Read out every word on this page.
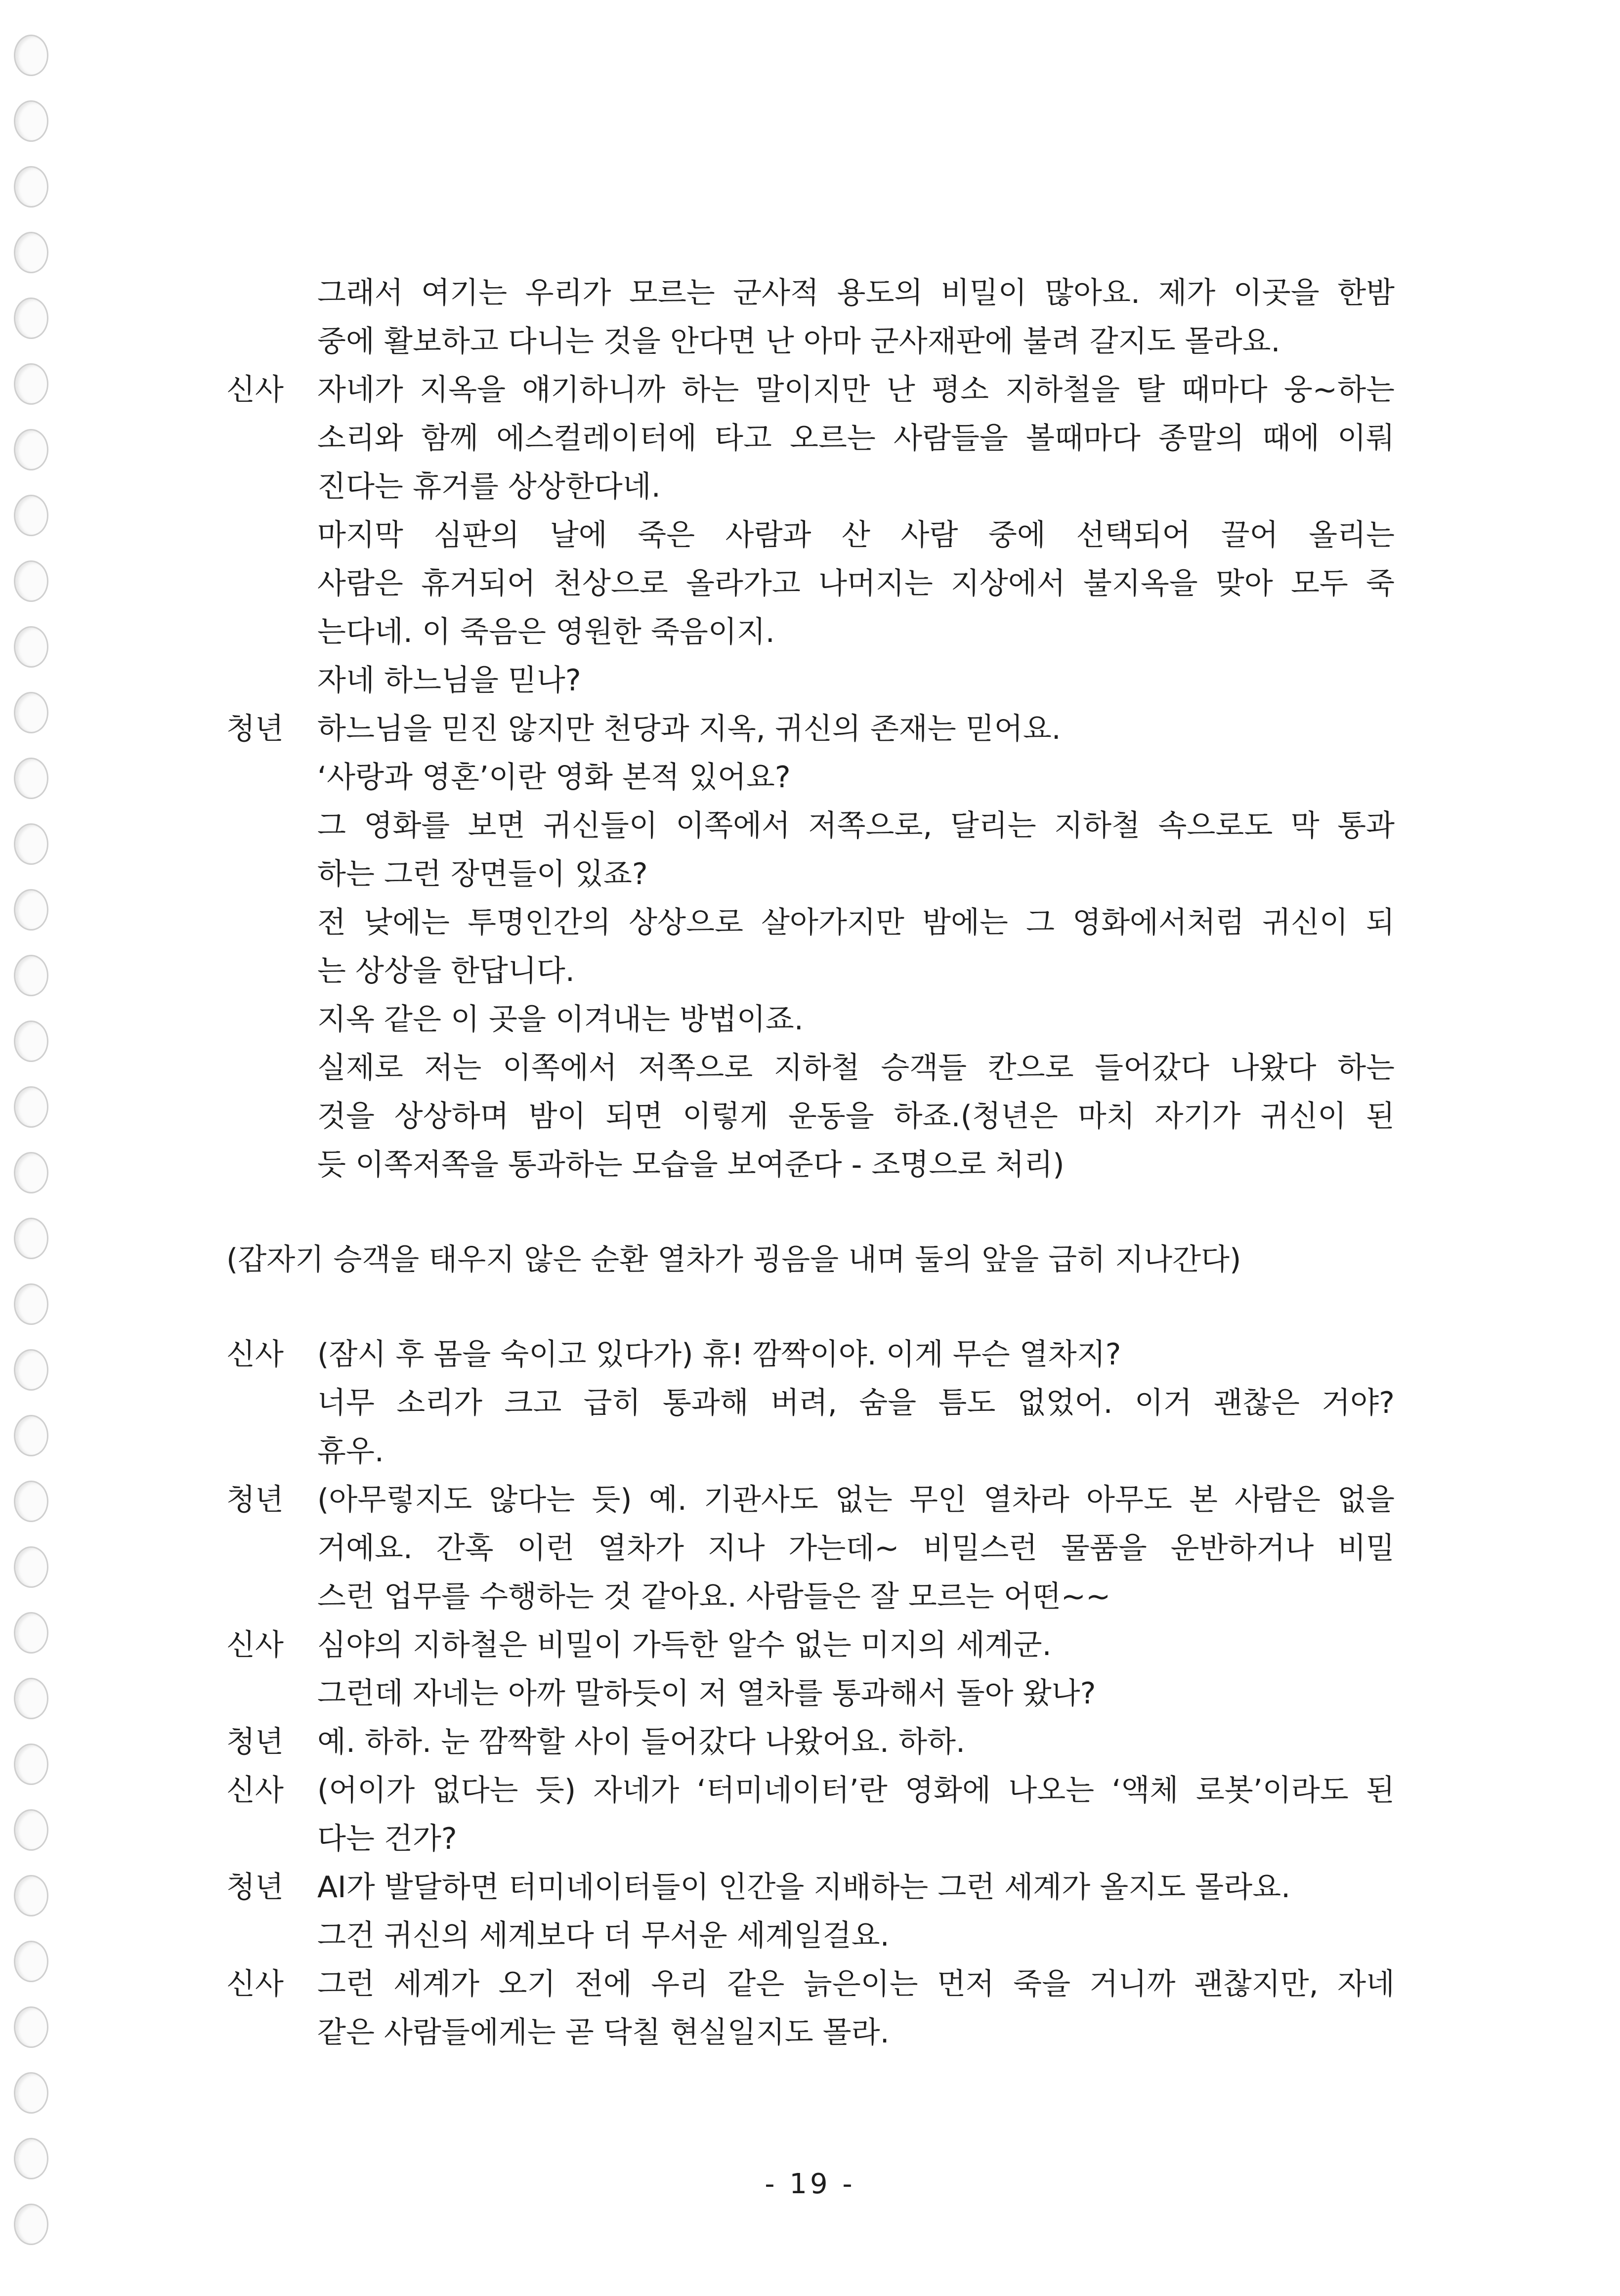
그래서 여기는 우리가 모르는 군사적 용도의 비밀이 많아요. 제가 이곳을 한밤
중에 활보하고 다니는 것을 안다면 난 아마 군사재판에 불려 갈지도 몰라요.
신사 자네가 지옥을 얘기하니까 하는 말이지만 난 평소 지하철을 탈 때마다 웅~하는
소리와 함께 에스컬레이터에 타고 오르는 사람들을 볼때마다 종말의 때에 이뤄
진다는 휴거를 상상한다네.
마지막 심판의 날에 죽은 사람과 산 사람 중에 선택되어 끌어 올리는
사람은 휴거되어 천상으로 올라가고 나머지는 지상에서 불지옥을 맞아 모두 죽
는다네. 이 죽음은 영원한 죽음이지.
자네 하느님을 믿나?
청년 하느님을 믿진 않지만 천당과 지옥, 귀신의 존재는 믿어요.
‘사랑과 영혼’이란 영화 본적 있어요?
그 영화를 보면 귀신들이 이쪽에서 저쪽으로, 달리는 지하철 속으로도 막 통과
하는 그런 장면들이 있죠?
전 낮에는 투명인간의 상상으로 살아가지만 밤에는 그 영화에서처럼 귀신이 되
는 상상을 한답니다.
지옥 같은 이 곳을 이겨내는 방법이죠.
실제로 저는 이쪽에서 저쪽으로 지하철 승객들 칸으로 들어갔다 나왔다 하는
것을 상상하며 밤이 되면 이렇게 운동을 하죠.(청년은 마치 자기가 귀신이 된
듯 이쪽저쪽을 통과하는 모습을 보여준다 - 조명으로 처리)
(갑자기 승객을 태우지 않은 순환 열차가 굉음을 내며 둘의 앞을 급히 지나간다)
신사 (잠시 후 몸을 숙이고 있다가) 휴! 깜짝이야. 이게 무슨 열차지?
너무 소리가 크고 급히 통과해 버려, 숨을 틈도 없었어. 이거 괜찮은 거야?
휴우.
청년 (아무렇지도 않다는 듯) 예. 기관사도 없는 무인 열차라 아무도 본 사람은 없을
거예요. 간혹 이런 열차가 지나 가는데~ 비밀스런 물품을 운반하거나 비밀
스런 업무를 수행하는 것 같아요. 사람들은 잘 모르는 어떤~~
신사 심야의 지하철은 비밀이 가득한 알수 없는 미지의 세계군.
그런데 자네는 아까 말하듯이 저 열차를 통과해서 돌아 왔나?
청년 예. 하하. 눈 깜짝할 사이 들어갔다 나왔어요. 하하.
신사 (어이가 없다는 듯) 자네가 ‘터미네이터’란 영화에 나오는 ‘액체 로봇’이라도 된
다는 건가?
청년 AI가 발달하면 터미네이터들이 인간을 지배하는 그런 세계가 올지도 몰라요.
그건 귀신의 세계보다 더 무서운 세계일걸요.
신사 그런 세계가 오기 전에 우리 같은 늙은이는 먼저 죽을 거니까 괜찮지만, 자네
같은 사람들에게는 곧 닥칠 현실일지도 몰라.
- 19 -
